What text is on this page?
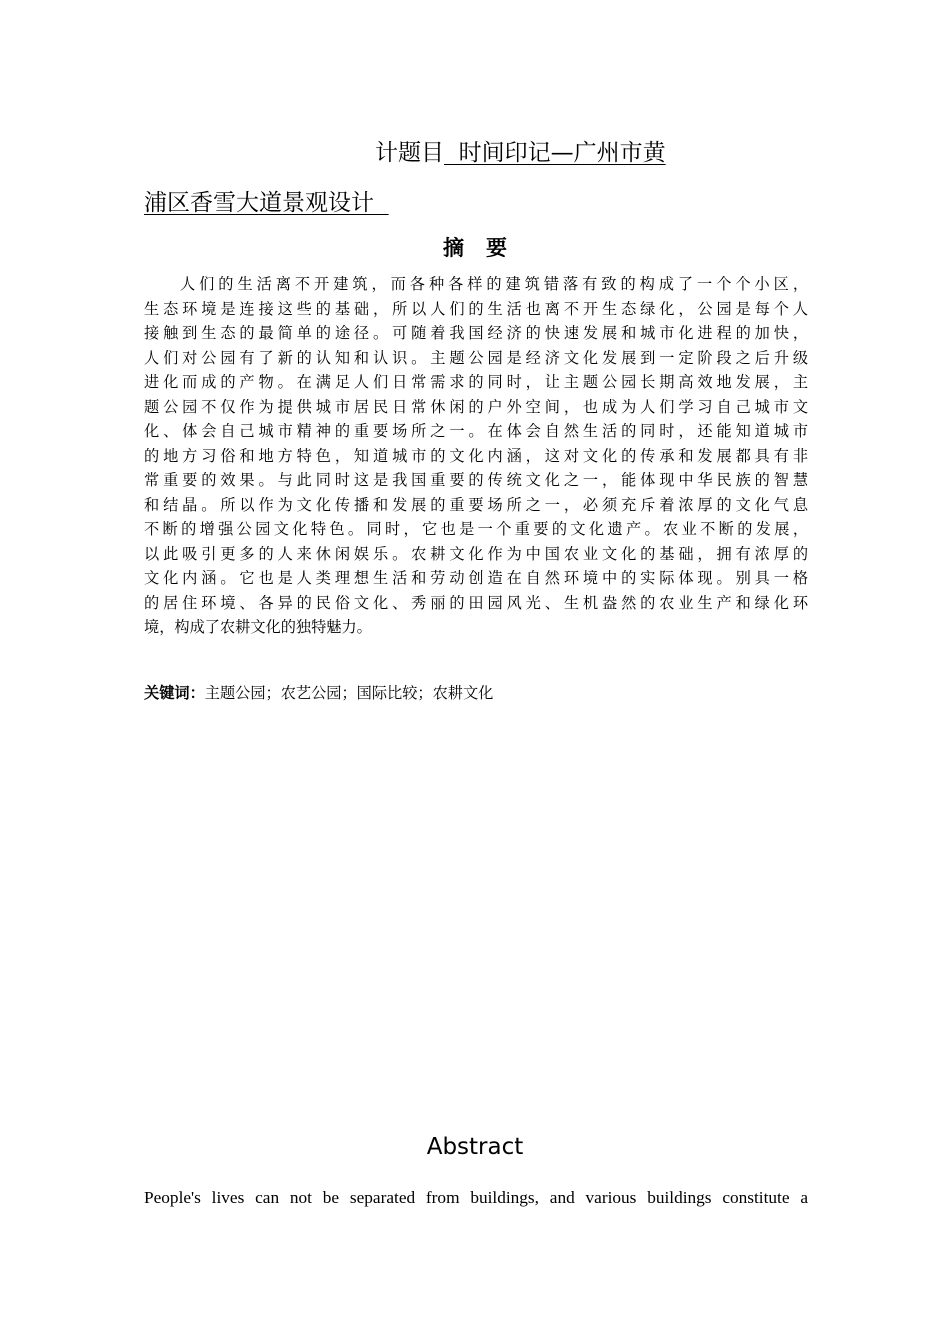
计题目  时间印记—广州市黄
浦区香雪大道景观设计
摘   要
人们的生活离不开建筑，而各种各样的建筑错落有致的构成了一个个小区，
生态环境是连接这些的基础，所以人们的生活也离不开生态绿化，公园是每个人
接触到生态的最简单的途径。可随着我国经济的快速发展和城市化进程的加快，
人们对公园有了新的认知和认识。主题公园是经济文化发展到一定阶段之后升级
进化而成的产物。在满足人们日常需求的同时，让主题公园长期高效地发展，主
题公园不仅作为提供城市居民日常休闲的户外空间，也成为人们学习自己城市文
化、体会自己城市精神的重要场所之一。在体会自然生活的同时，还能知道城市
的地方习俗和地方特色，知道城市的文化内涵，这对文化的传承和发展都具有非
常重要的效果。与此同时这是我国重要的传统文化之一，能体现中华民族的智慧
和结晶。所以作为文化传播和发展的重要场所之一，必须充斥着浓厚的文化气息
不断的增强公园文化特色。同时，它也是一个重要的文化遗产。农业不断的发展，
以此吸引更多的人来休闲娱乐。农耕文化作为中国农业文化的基础，拥有浓厚的
文化内涵。它也是人类理想生活和劳动创造在自然环境中的实际体现。别具一格
的居住环境、各异的民俗文化、秀丽的田园风光、生机盎然的农业生产和绿化环
境，构成了农耕文化的独特魅力。
关键词：主题公园；农艺公园；国际比较；农耕文化
Abstract
People's lives can not be separated from buildings, and various buildings constitute a
